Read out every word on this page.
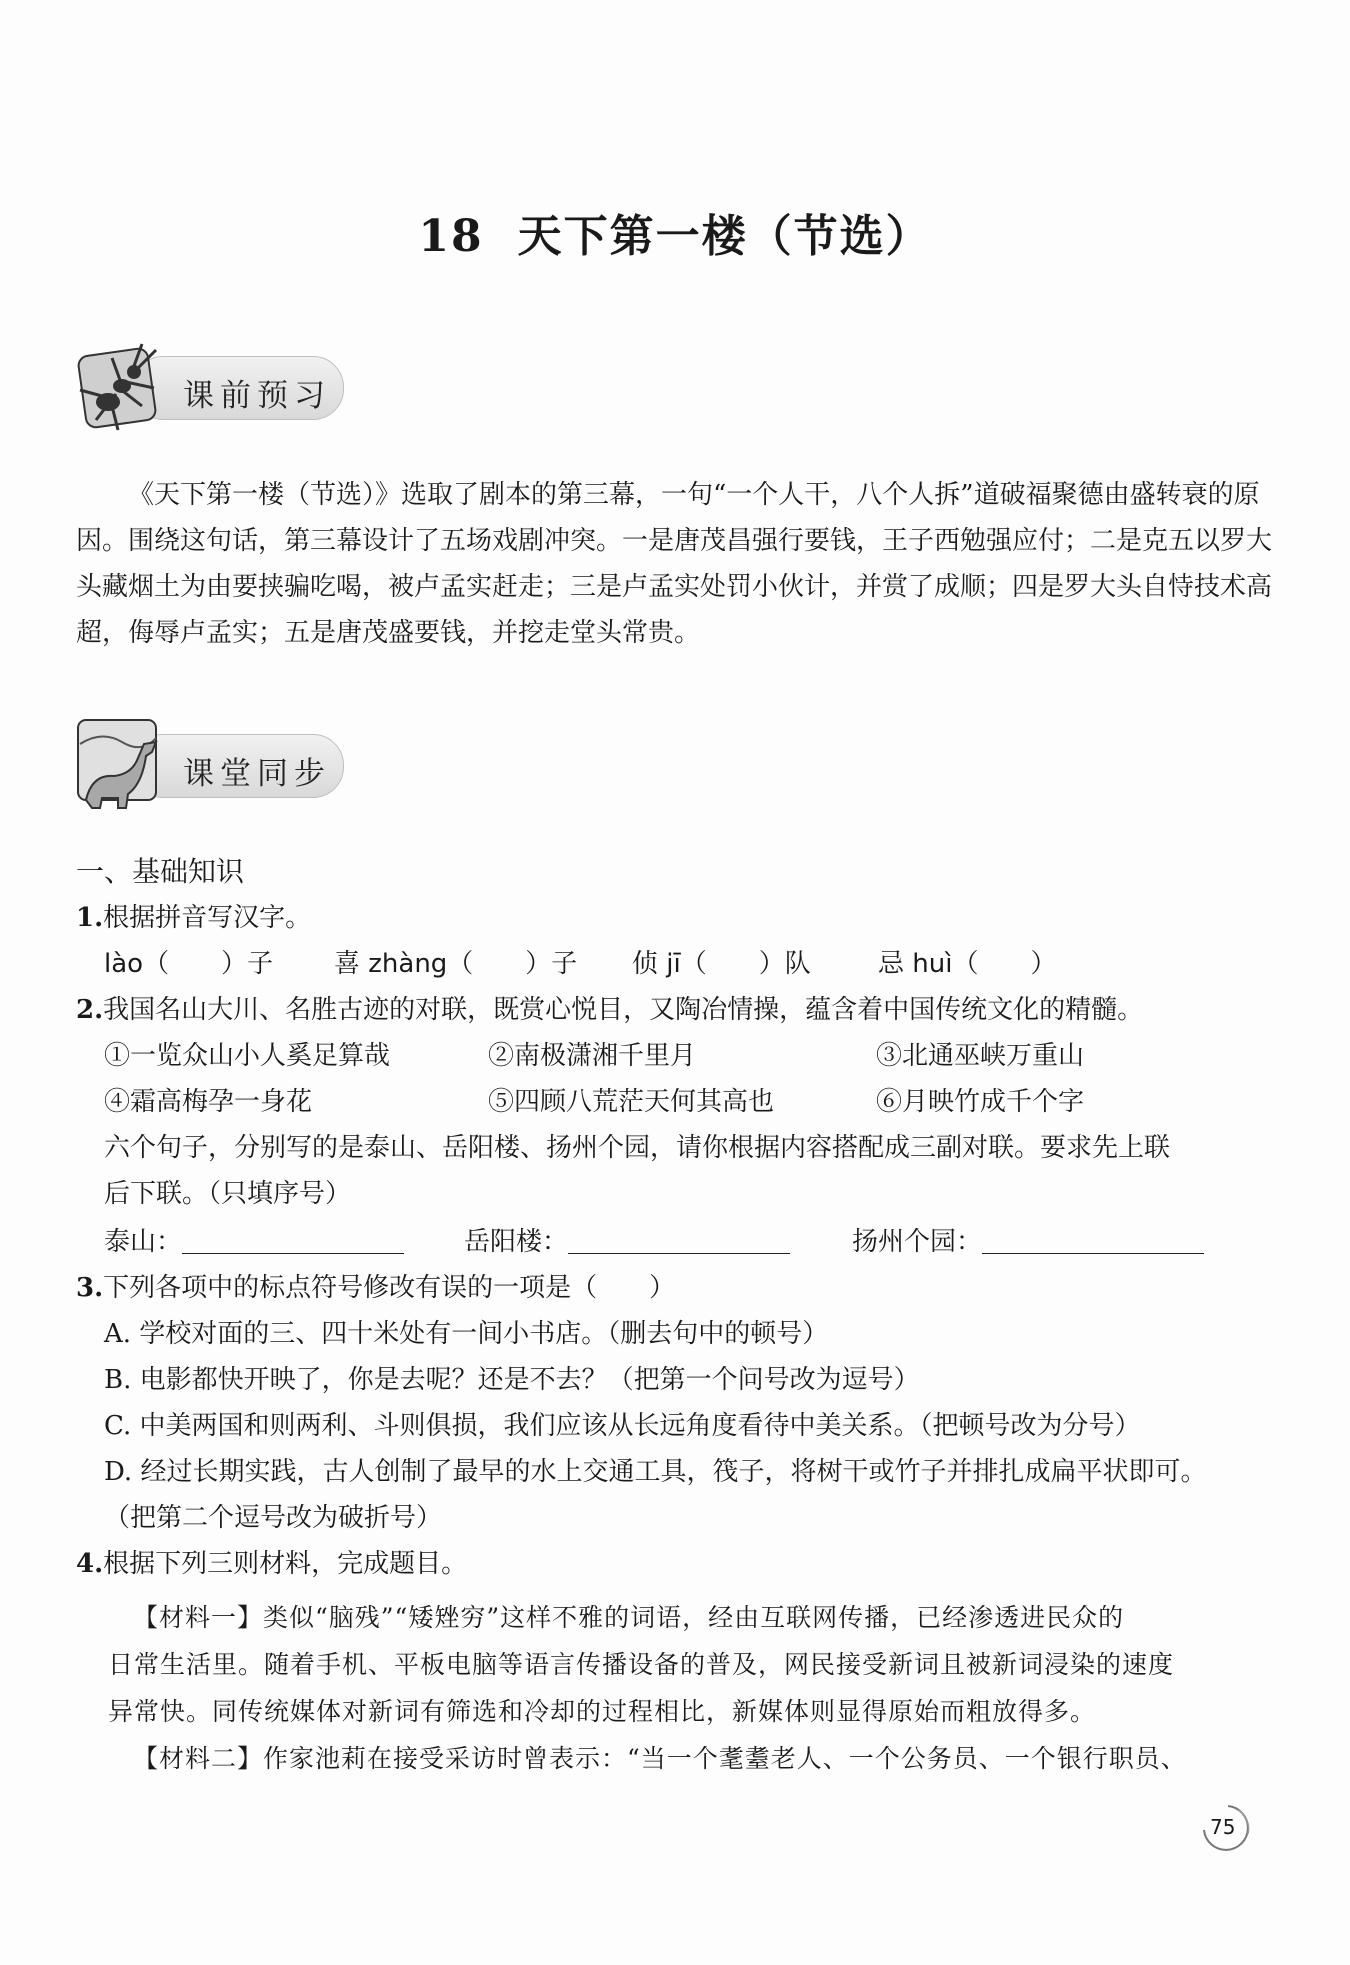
18 天下第一楼（节选）
课前预习

《天下第一楼（节选）》选取了剧本的第三幕，一句“一个人干，八个人拆”道破福聚德由盛转衰的原因。围绕这句话，第三幕设计了五场戏剧冲突。一是唐茂昌强行要钱，王子西勉强应付；二是克五以罗大头藏烟土为由要挟骗吃喝，被卢孟实赶走；三是卢孟实处罚小伙计，并赏了成顺；四是罗大头自恃技术高超，侮辱卢孟实；五是唐茂盛要钱，并挖走堂头常贵。

课堂同步
一、基础知识
1.根据拼音写汉字。
lào（　　）子 喜 zhàng（　　）子 侦 jī（　　）队	忌 huì（　　）
2.我国名山大川、名胜古迹的对联，既赏心悦目，又陶冶情操，蕴含着中国传统文化的精髓。
①一览众山小人奚足算哉	②南极潇湘千里月	③北通巫峡万重山
④霜高梅孕一身花	⑤四顾八荒茫天何其高也	⑥月映竹成千个字
六个句子，分别写的是泰山、岳阳楼、扬州个园，请你根据内容搭配成三副对联。要求先上联
后下联。（只填序号）
泰山：	岳阳楼：	扬州个园：
3.下列各项中的标点符号修改有误的一项是（　　）
A. 学校对面的三、四十米处有一间小书店。（删去句中的顿号）
B. 电影都快开映了，你是去呢？还是不去？（把第一个问号改为逗号）
C. 中美两国和则两利、斗则俱损，我们应该从长远角度看待中美关系。（把顿号改为分号）
D. 经过长期实践，古人创制了最早的水上交通工具，筏子，将树干或竹子并排扎成扁平状即可。
（把第二个逗号改为破折号）
4.根据下列三则材料，完成题目。

【材料一】类似“脑残”“矮矬穷”这样不雅的词语，经由互联网传播，已经渗透进民众的

日常生活里。随着手机、平板电脑等语言传播设备的普及，网民接受新词且被新词浸染的速度

异常快。同传统媒体对新词有筛选和冷却的过程相比，新媒体则显得原始而粗放得多。

【材料二】作家池莉在接受采访时曾表示：“当一个耄耋老人、一个公务员、一个银行职员、

75
